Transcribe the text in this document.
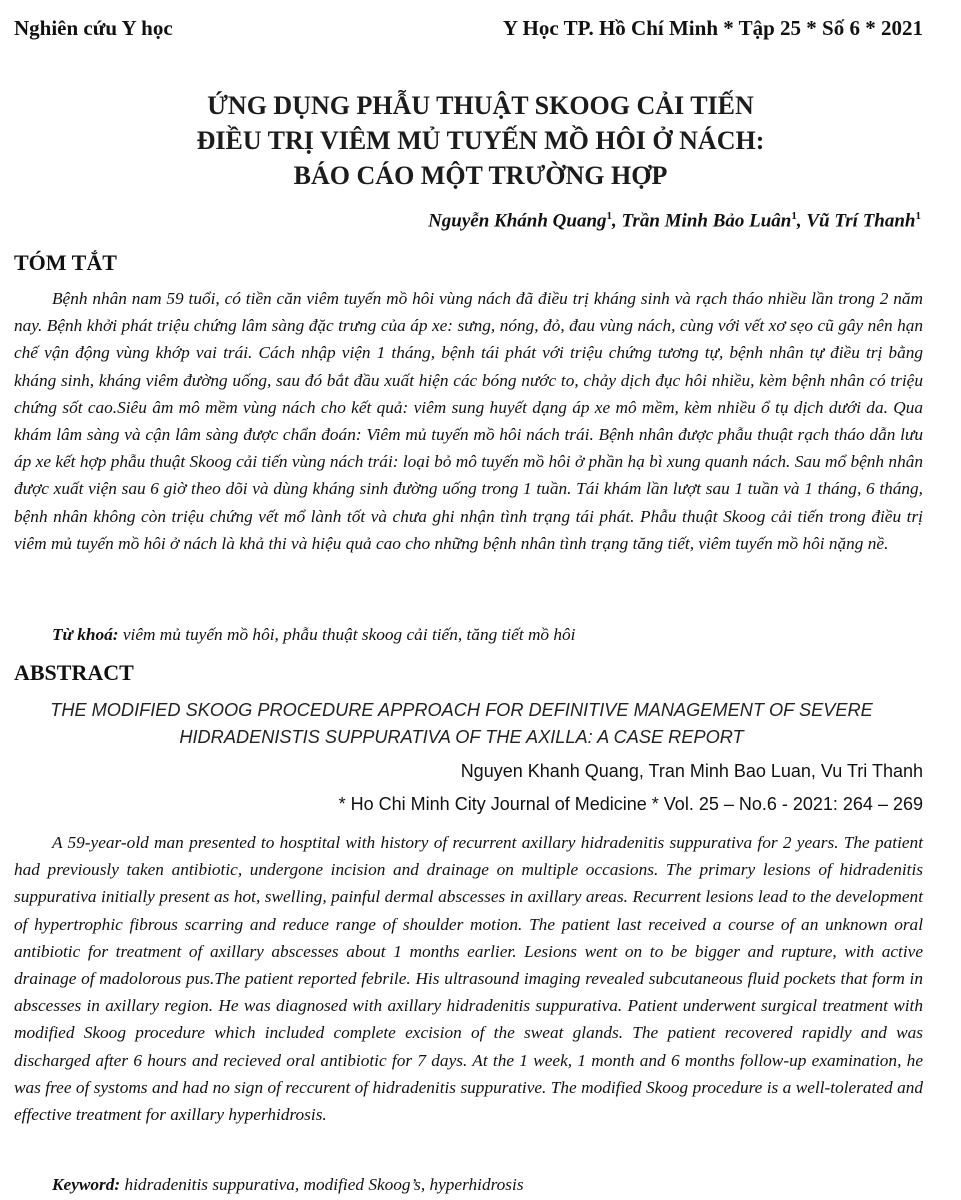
Nghiên cứu Y học	Y Học TP. Hồ Chí Minh * Tập 25 * Số 6 * 2021
ỨNG DỤNG PHẪU THUẬT SKOOG CẢI TIẾN
ĐIỀU TRỊ VIÊM MỦ TUYẾN MỒ HÔI Ở NÁCH:
BÁO CÁO MỘT TRƯỜNG HỢP
Nguyễn Khánh Quang$^1$, Trần Minh Bảo Luân$^1$, Vũ Trí Thanh$^1$
TÓM TẮT

Bệnh nhân nam 59 tuổi, có tiền căn viêm tuyến mồ hôi vùng nách đã điều trị kháng sinh và rạch tháo nhiều lần trong 2 năm nay. Bệnh khởi phát triệu chứng lâm sàng đặc trưng của áp xe: sưng, nóng, đỏ, đau vùng nách, cùng với vết xơ sẹo cũ gây nên hạn chế vận động vùng khớp vai trái. Cách nhập viện 1 tháng, bệnh tái phát với triệu chứng tương tự, bệnh nhân tự điều trị bằng kháng sinh, kháng viêm đường uống, sau đó bắt đầu xuất hiện các bóng nước to, chảy dịch đục hôi nhiều, kèm bệnh nhân có triệu chứng sốt cao.Siêu âm mô mềm vùng nách cho kết quả: viêm sung huyết dạng áp xe mô mềm, kèm nhiều ổ tụ dịch dưới da. Qua khám lâm sàng và cận lâm sàng được chẩn đoán: Viêm mủ tuyến mồ hôi nách trái. Bệnh nhân được phẫu thuật rạch tháo dẫn lưu áp xe kết hợp phẫu thuật Skoog cải tiến vùng nách trái: loại bỏ mô tuyến mồ hôi ở phần hạ bì xung quanh nách. Sau mổ bệnh nhân được xuất viện sau 6 giờ theo dõi và dùng kháng sinh đường uống trong 1 tuần. Tái khám lần lượt sau 1 tuần và 1 tháng, 6 tháng, bệnh nhân không còn triệu chứng vết mổ lành tốt và chưa ghi nhận tình trạng tái phát. Phẫu thuật Skoog cải tiến trong điều trị viêm mủ tuyến mồ hôi ở nách là khả thi và hiệu quả cao cho những bệnh nhân tình trạng tăng tiết, viêm tuyến mồ hôi nặng nề.

Từ khoá: viêm mủ tuyến mồ hôi, phẫu thuật skoog cải tiến, tăng tiết mồ hôi
ABSTRACT
THE MODIFIED SKOOG PROCEDURE APPROACH FOR DEFINITIVE MANAGEMENT OF SEVERE
HIDRADENISTIS SUPPURATIVA OF THE AXILLA: A CASE REPORT
Nguyen Khanh Quang, Tran Minh Bao Luan, Vu Tri Thanh
* Ho Chi Minh City Journal of Medicine * Vol. 25 – No.6 - 2021: 264 – 269

A 59-year-old man presented to hosptital with history of recurrent axillary hidradenitis suppurativa for 2 years. The patient had previously taken antibiotic, undergone incision and drainage on multiple occasions. The primary lesions of hidradenitis suppurativa initially present as hot, swelling, painful dermal abscesses in axillary areas. Recurrent lesions lead to the development of hypertrophic fibrous scarring and reduce range of shoulder motion. The patient last received a course of an unknown oral antibiotic for treatment of axillary abscesses about 1 months earlier. Lesions went on to be bigger and rupture, with active drainage of madolorous pus.The patient reported febrile. His ultrasound imaging revealed subcutaneous fluid pockets that form in abscesses in axillary region. He was diagnosed with axillary hidradenitis suppurativa. Patient underwent surgical treatment with modified Skoog procedure which included complete excision of the sweat glands. The patient recovered rapidly and was discharged after 6 hours and recieved oral antibiotic for 7 days. At the 1 week, 1 month and 6 months follow-up examination, he was free of systoms and had no sign of reccurent of hidradenitis suppurative. The modified Skoog procedure is a well-tolerated and effective treatment for axillary hyperhidrosis.

Keyword: hidradenitis suppurativa, modified Skoog’s, hyperhidrosis
